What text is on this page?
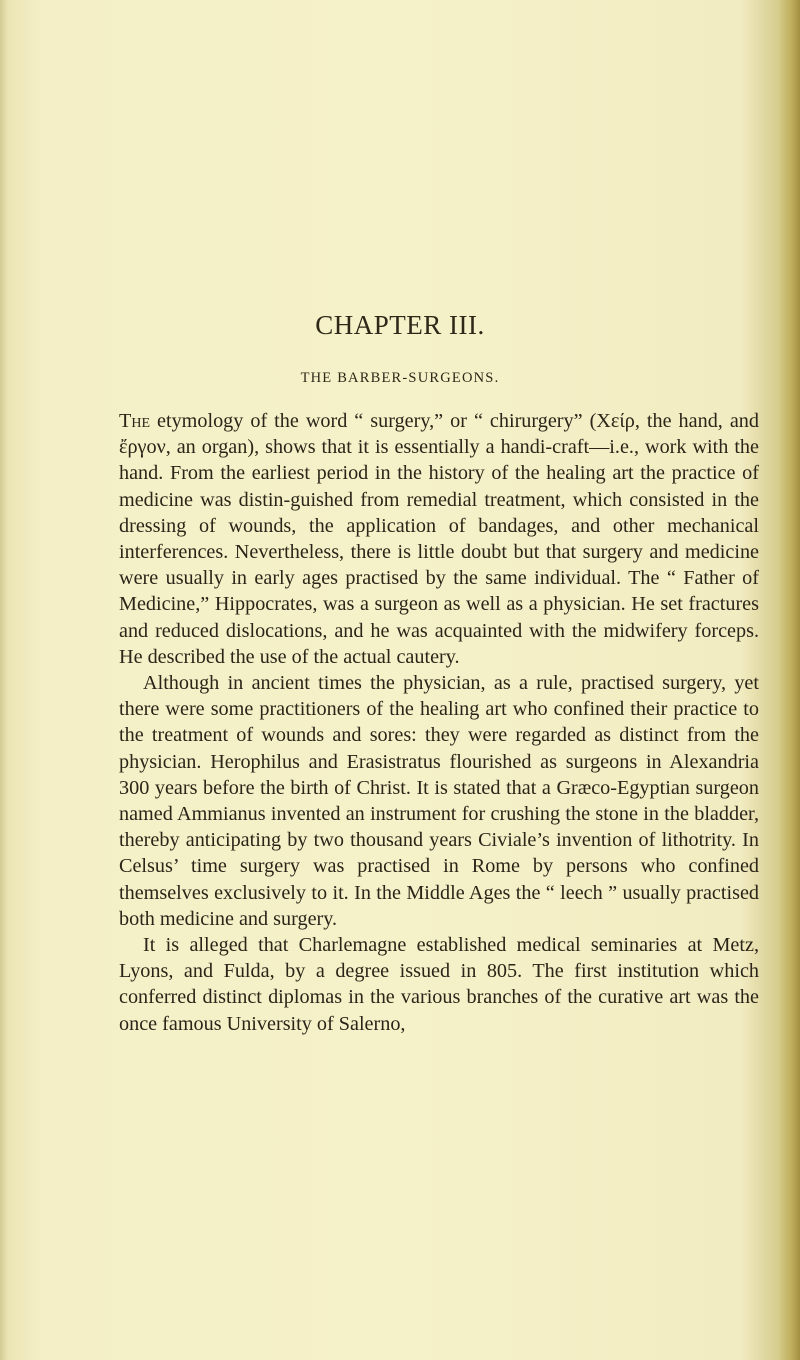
CHAPTER III.
THE BARBER-SURGEONS.

The etymology of the word “ surgery,” or “ chirurgery” (Xείρ, the hand, and ἔργον, an organ), shows that it is essentially a handi-craft—i.e., work with the hand. From the earliest period in the history of the healing art the practice of medicine was distin-guished from remedial treatment, which consisted in the dressing of wounds, the application of bandages, and other mechanical interferences. Nevertheless, there is little doubt but that surgery and medicine were usually in early ages practised by the same individual. The “ Father of Medicine,” Hippocrates, was a surgeon as well as a physician. He set fractures and reduced dislocations, and he was acquainted with the midwifery forceps. He described the use of the actual cautery.

Although in ancient times the physician, as a rule, practised surgery, yet there were some practitioners of the healing art who confined their practice to the treatment of wounds and sores: they were regarded as distinct from the physician. Herophilus and Erasistratus flourished as surgeons in Alexandria 300 years before the birth of Christ. It is stated that a Græco-Egyptian surgeon named Ammianus invented an instrument for crushing the stone in the bladder, thereby anticipating by two thousand years Civiale’s invention of lithotrity. In Celsus’ time surgery was practised in Rome by persons who confined themselves exclusively to it. In the Middle Ages the “ leech ” usually practised both medicine and surgery.

It is alleged that Charlemagne established medical seminaries at Metz, Lyons, and Fulda, by a degree issued in 805. The first institution which conferred distinct diplomas in the various branches of the curative art was the once famous University of Salerno,
